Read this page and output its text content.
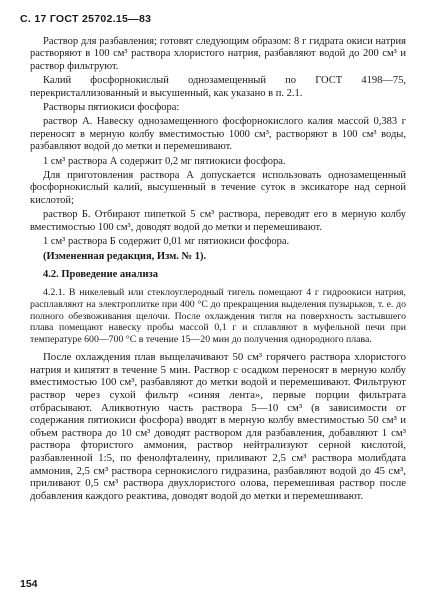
С. 17 ГОСТ 25702.15—83

Раствор для разбавления; готовят следующим образом: 8 г гидрата окиси натрия растворяют в 100 см³ раствора хлористого натрия, разбавляют водой до 200 см³ и раствор фильтруют.

Калий фосфорнокислый однозамещенный по ГОСТ 4198—75, перекристаллизованный и высушенный, как указано в п. 2.1.

Растворы пятиокиси фосфора:

раствор А. Навеску однозамещенного фосфорнокислого калия массой 0,383 г переносят в мерную колбу вместимостью 1000 см³, растворяют в 100 см³ воды, разбавляют водой до метки и перемешивают.

1 см³ раствора А содержит 0,2 мг пятиокиси фосфора.

Для приготовления раствора А допускается использовать однозамещенный фосфорнокислый калий, высушенный в течение суток в эксикаторе над серной кислотой;

раствор Б. Отбирают пипеткой 5 см³ раствора, переводят его в мерную колбу вместимостью 100 см³, доводят водой до метки и перемешивают.

1 см³ раствора Б содержит 0,01 мг пятиокиси фосфора.

(Измененная редакция, Изм. № 1).

4.2. Проведение анализа

4.2.1. В никелевый или стеклоуглеродный тигель помещают 4 г гидроокиси натрия, расплавляют на электроплитке при 400 °С до прекращения выделения пузырьков, т. е. до полного обезвоживания щелочи. После охлаждения тигля на поверхность застывшего плава помещают навеску пробы массой 0,1 г и сплавляют в муфельной печи при температуре 600—700 °С в течение 15—20 мин до получения однородного плава.

После охлаждения плав выщелачивают 50 см³ горячего раствора хлористого натрия и кипятят в течение 5 мин. Раствор с осадком переносят в мерную колбу вместимостью 100 см³, разбавляют до метки водой и перемешивают. Фильтруют раствор через сухой фильтр «синяя лента», первые порции фильтрата отбрасывают. Аликвотную часть раствора 5—10 см³ (в зависимости от содержания пятиокиси фосфора) вводят в мерную колбу вместимостью 50 см³ и объем раствора до 10 см³ доводят раствором для разбавления, добавляют 1 см³ раствора фтористого аммония, раствор нейтрализуют серной кислотой, разбавленной 1:5, по фенолфталеину, приливают 2,5 см³ раствора молибдата аммония, 2,5 см³ раствора сернокислого гидразина, разбавляют водой до 45 см³, приливают 0,5 см³ раствора двухлористого олова, перемешивая раствор после добавления каждого реактива, доводят водой до метки и перемешивают.

154
